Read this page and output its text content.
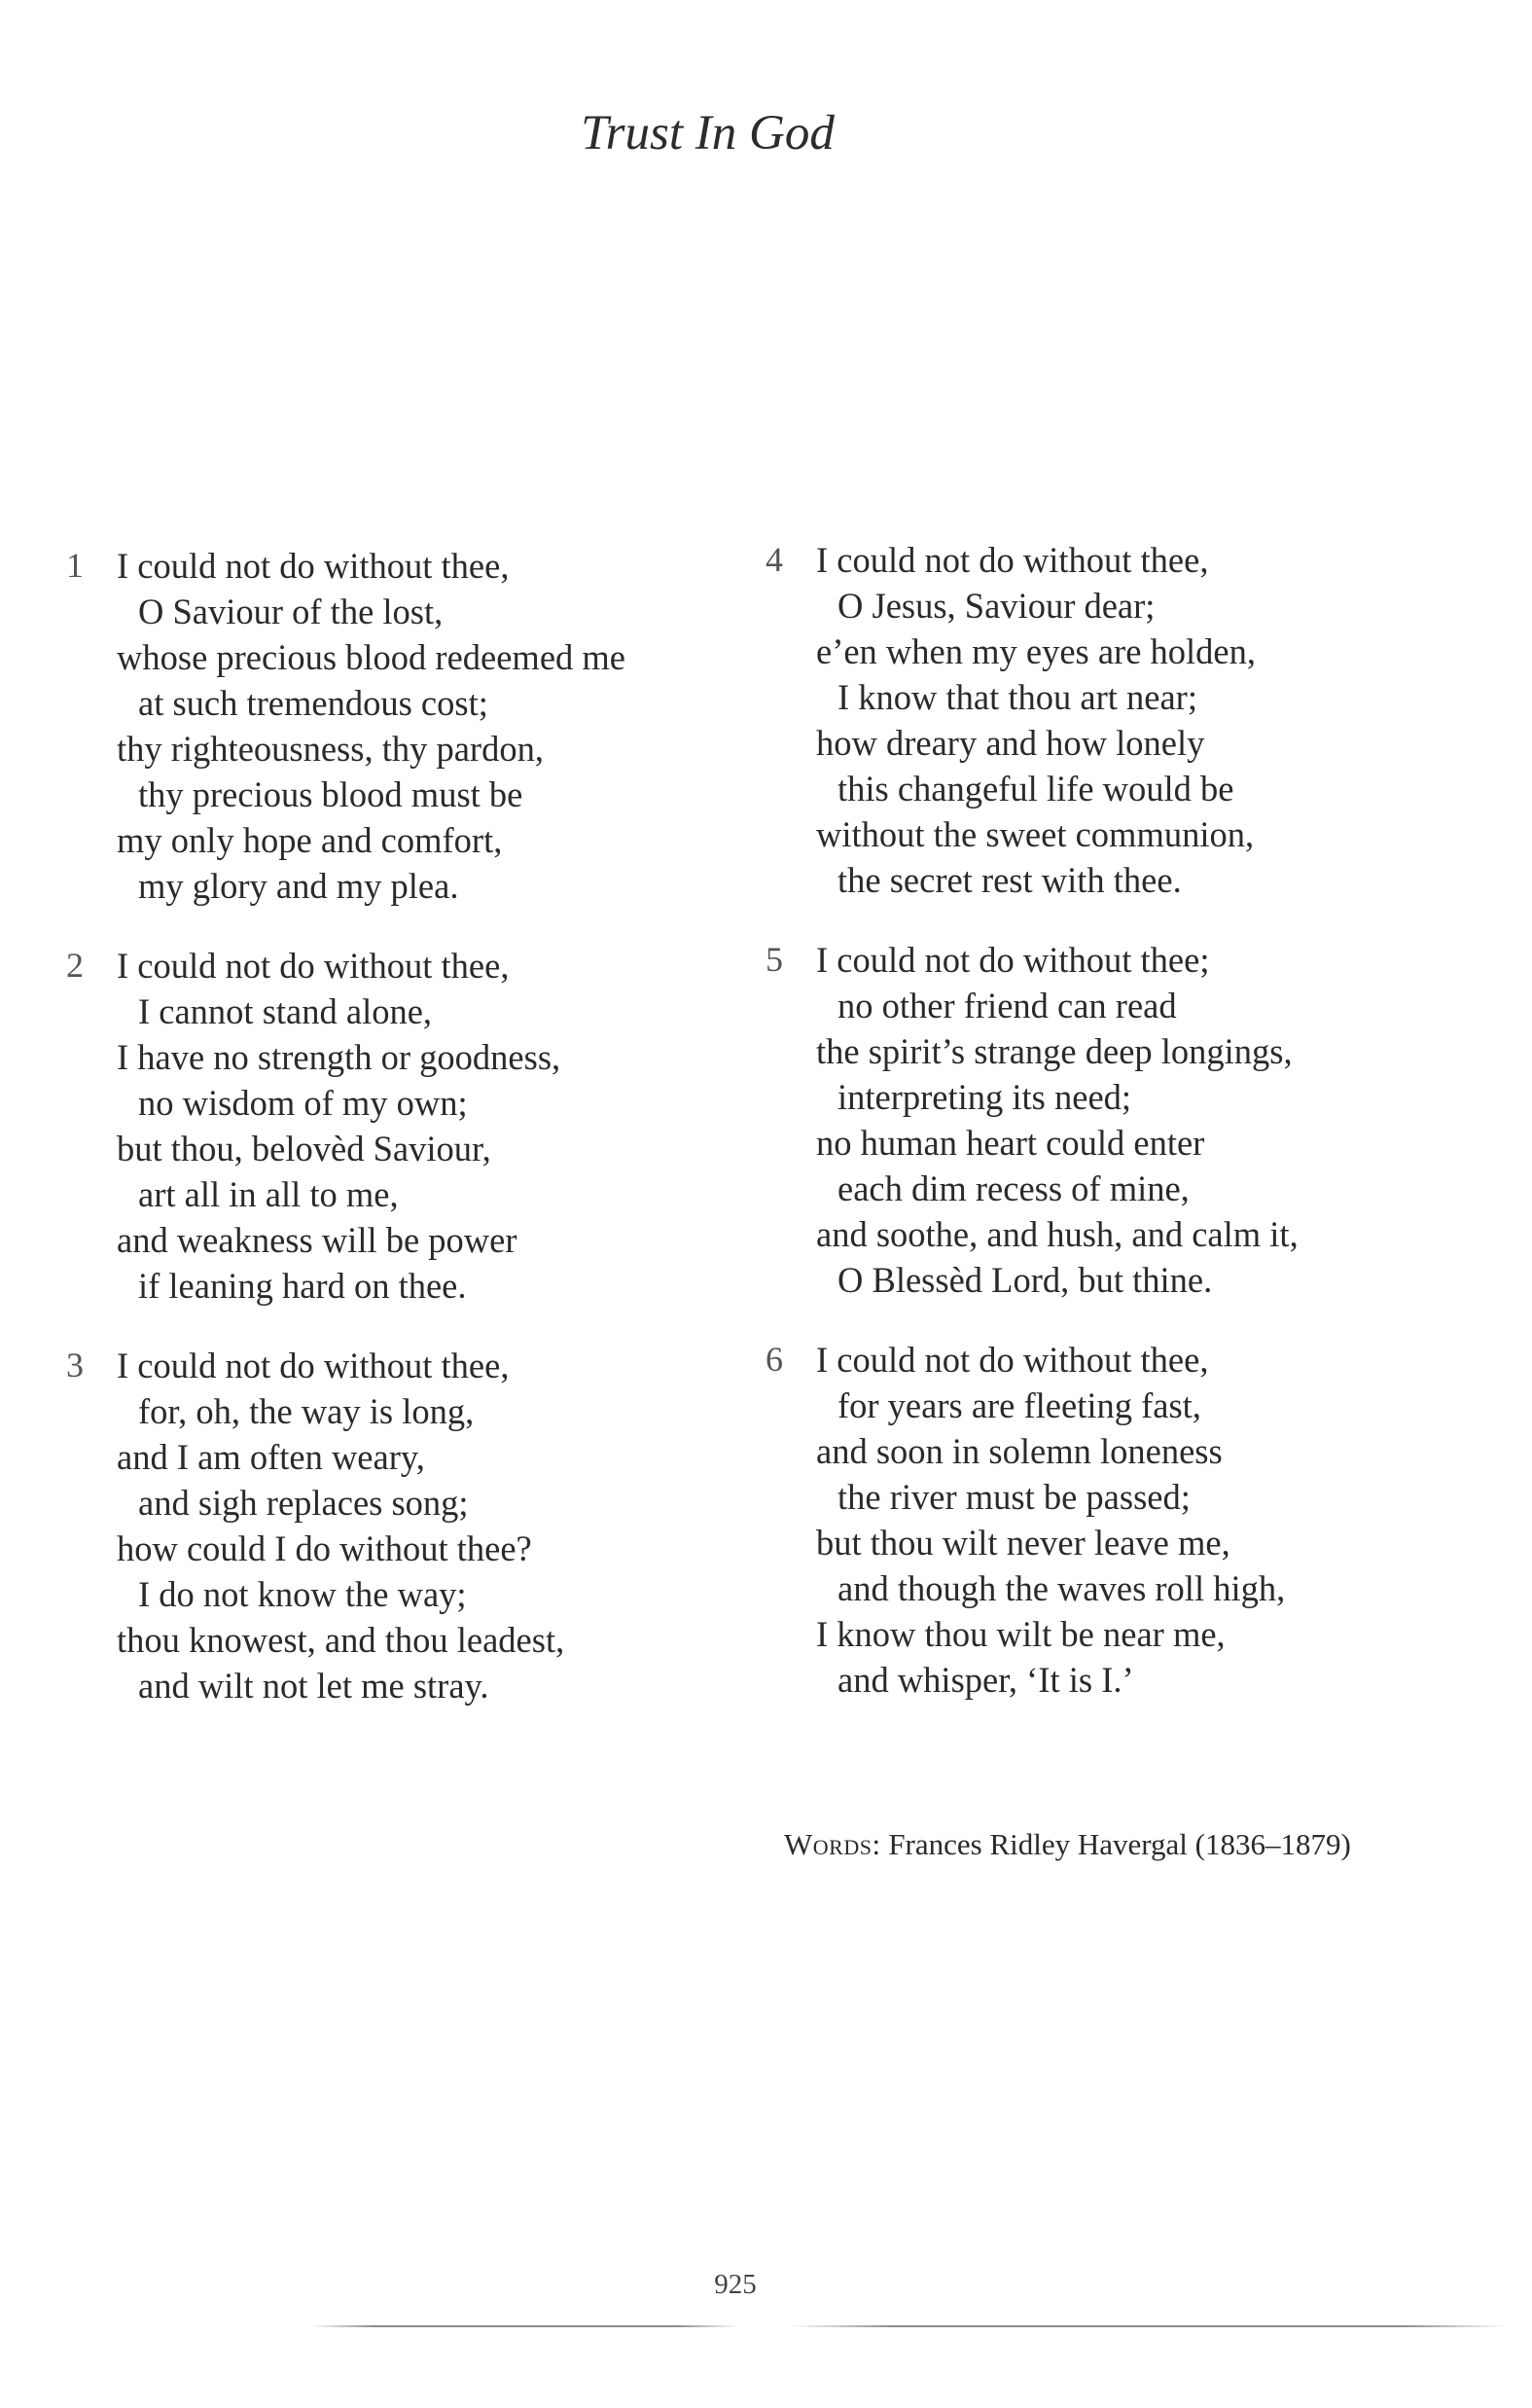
Trust In God
1 I could not do without thee,
O Saviour of the lost,
whose precious blood redeemed me
at such tremendous cost;
thy righteousness, thy pardon,
thy precious blood must be
my only hope and comfort,
my glory and my plea.
2 I could not do without thee,
I cannot stand alone,
I have no strength or goodness,
no wisdom of my own;
but thou, belovèd Saviour,
art all in all to me,
and weakness will be power
if leaning hard on thee.
3 I could not do without thee,
for, oh, the way is long,
and I am often weary,
and sigh replaces song;
how could I do without thee?
I do not know the way;
thou knowest, and thou leadest,
and wilt not let me stray.
4 I could not do without thee,
O Jesus, Saviour dear;
e’en when my eyes are holden,
I know that thou art near;
how dreary and how lonely
this changeful life would be
without the sweet communion,
the secret rest with thee.
5 I could not do without thee;
no other friend can read
the spirit’s strange deep longings,
interpreting its need;
no human heart could enter
each dim recess of mine,
and soothe, and hush, and calm it,
O Blessèd Lord, but thine.
6 I could not do without thee,
for years are fleeting fast,
and soon in solemn loneness
the river must be passed;
but thou wilt never leave me,
and though the waves roll high,
I know thou wilt be near me,
and whisper, ‘It is I.’
Words: Frances Ridley Havergal (1836–1879)
925
